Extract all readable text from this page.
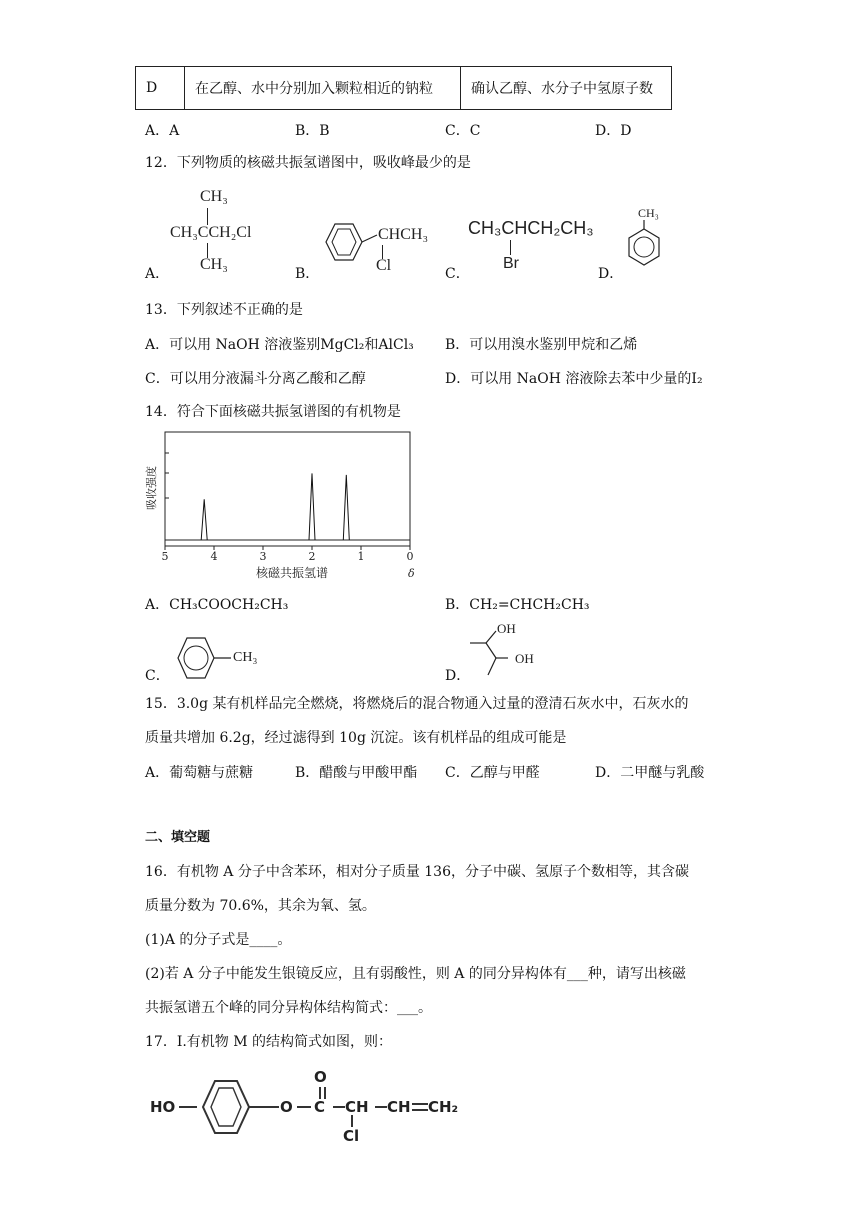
D	在乙醇、水中分别加入颗粒相近的钠粒	确认乙醇、水分子中氢原子数
A．A	B．B	C．C	D．D
12．下列物质的核磁共振氢谱图中，吸收峰最少的是
A．
CH₃
CH₃CCH₂Cl
CH₃
B．
CHCH₃
Cl	C．
CH₃CHCH₂CH₃
Br
D．
CH₃
13．下列叙述不正确的是
A．可以用 NaOH 溶液鉴别MgCl₂和AlCl₃ B．可以用溴水鉴别甲烷和乙烯
C．可以用分液漏斗分离乙酸和乙醇	D．可以用 NaOH 溶液除去苯中少量的I₂
14．符合下面核磁共振氢谱图的有机物是
5	4	3	2	1	0
吸收强度
核磁共振氢谱	δ
A．CH₃COOCH₂CH₃	B．CH₂=CHCH₂CH₃
C．
CH₃
D．
OH
OH
15．3.0g 某有机样品完全燃烧，将燃烧后的混合物通入过量的澄清石灰水中，石灰水的
质量共增加 6.2g，经过滤得到 10g 沉淀。该有机样品的组成可能是
A．葡萄糖与蔗糖	B．醋酸与甲酸甲酯 C．乙醇与甲醛	D．二甲醚与乳酸
二、填空题
16．有机物 A 分子中含苯环，相对分子质量 136，分子中碳、氢原子个数相等，其含碳
质量分数为 70.6%，其余为氧、氢。
(1)A 的分子式是____。
(2)若 A 分子中能发生银镜反应，且有弱酸性，则 A 的同分异构体有___种，请写出核磁
共振氢谱五个峰的同分异构体结构简式：___。
17．I.有机物 M 的结构简式如图，则：
HO	O C
O
CH
Cl
CH CH₂
